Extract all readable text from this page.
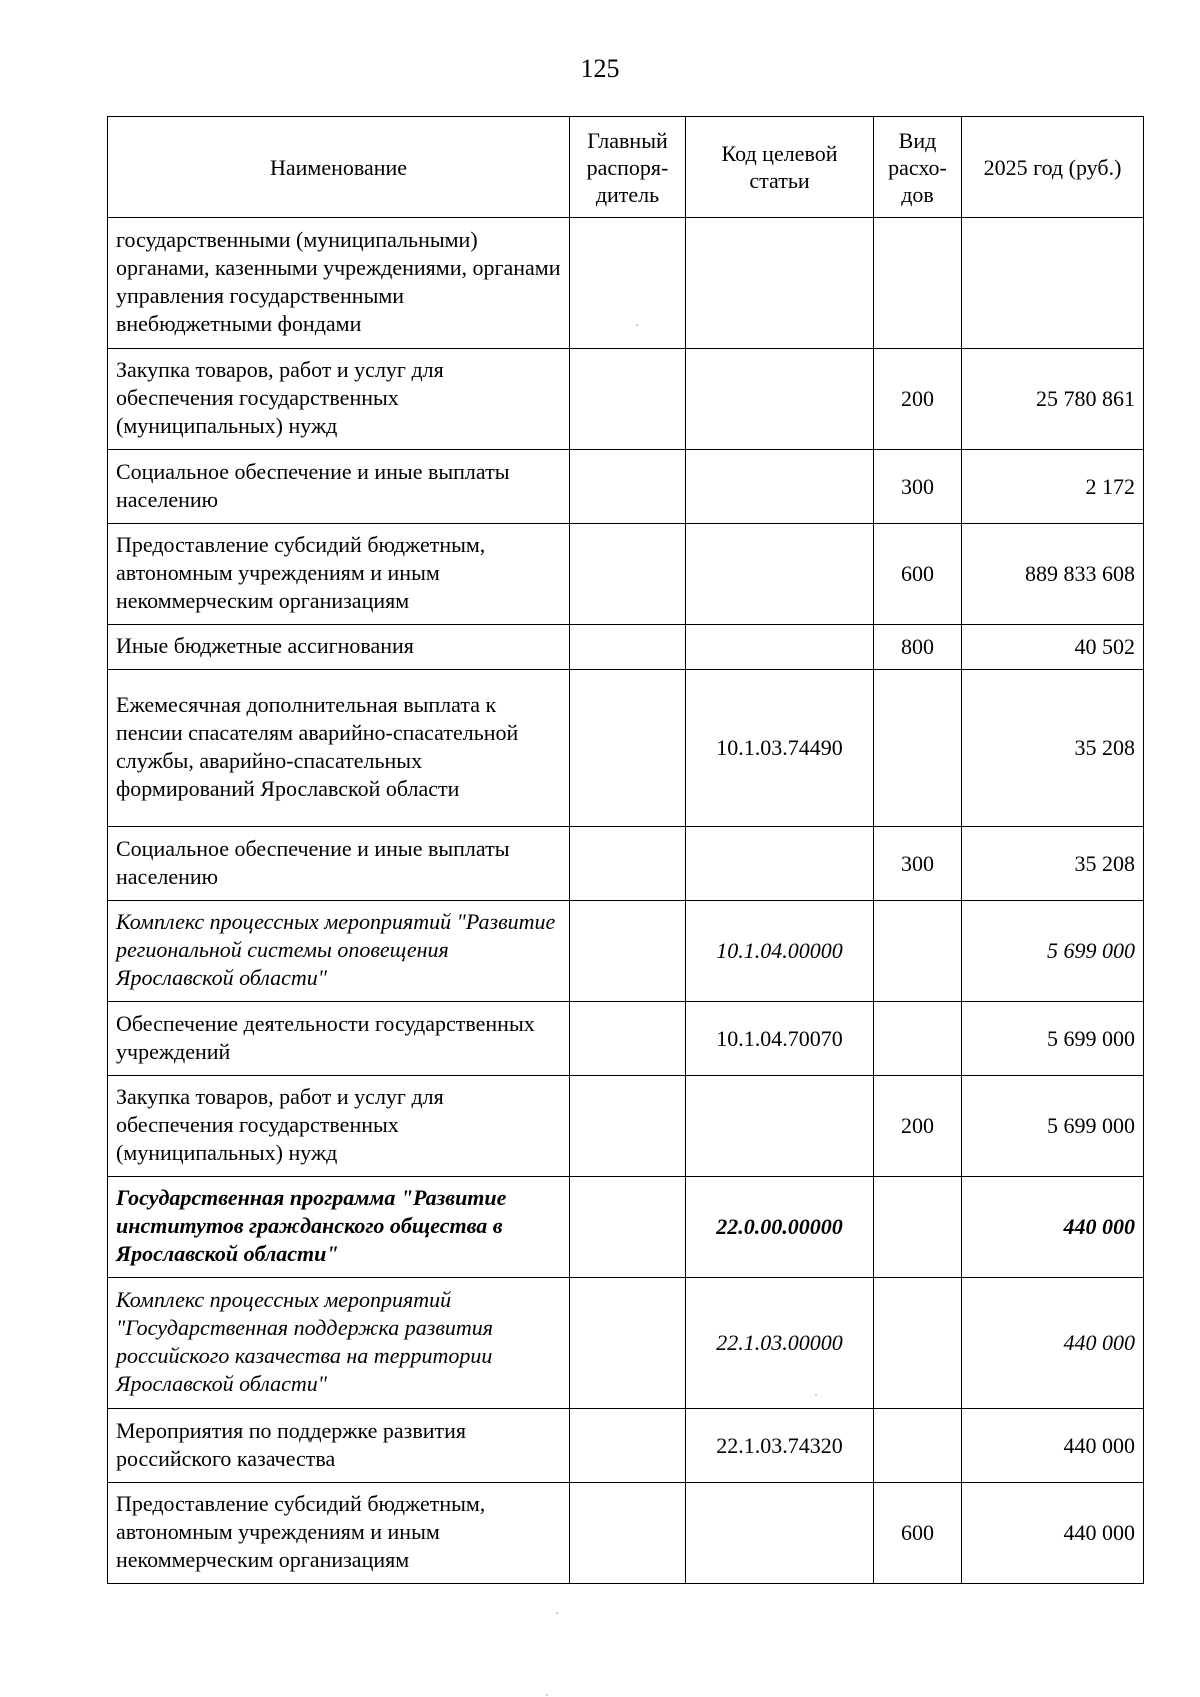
125
Наименование	Главный распоря-дитель	Код целевой статьи	Вид расхо-дов	2025 год (руб.)
государственными (муниципальными) органами, казенными учреждениями, органами управления государственными внебюджетными фондами				
Закупка товаров, работ и услуг для обеспечения государственных (муниципальных) нужд			200	25 780 861
Социальное обеспечение и иные выплаты населению			300	2 172
Предоставление субсидий бюджетным, автономным учреждениям и иным некоммерческим организациям			600	889 833 608
Иные бюджетные ассигнования			800	40 502
Ежемесячная дополнительная выплата к пенсии спасателям аварийно-спасательной службы, аварийно-спасательных формирований Ярославской области		10.1.03.74490		35 208
Социальное обеспечение и иные выплаты населению			300	35 208
Комплекс процессных мероприятий "Развитие региональной системы оповещения Ярославской области"		10.1.04.00000		5 699 000
Обеспечение деятельности государственных учреждений		10.1.04.70070		5 699 000
Закупка товаров, работ и услуг для обеспечения государственных (муниципальных) нужд			200	5 699 000
Государственная программа "Развитие институтов гражданского общества в Ярославской области"		22.0.00.00000		440 000
Комплекс процессных мероприятий "Государственная поддержка развития российского казачества на территории Ярославской области"		22.1.03.00000		440 000
Мероприятия по поддержке развития российского казачества		22.1.03.74320		440 000
Предоставление субсидий бюджетным, автономным учреждениям и иным некоммерческим организациям			600	440 000
